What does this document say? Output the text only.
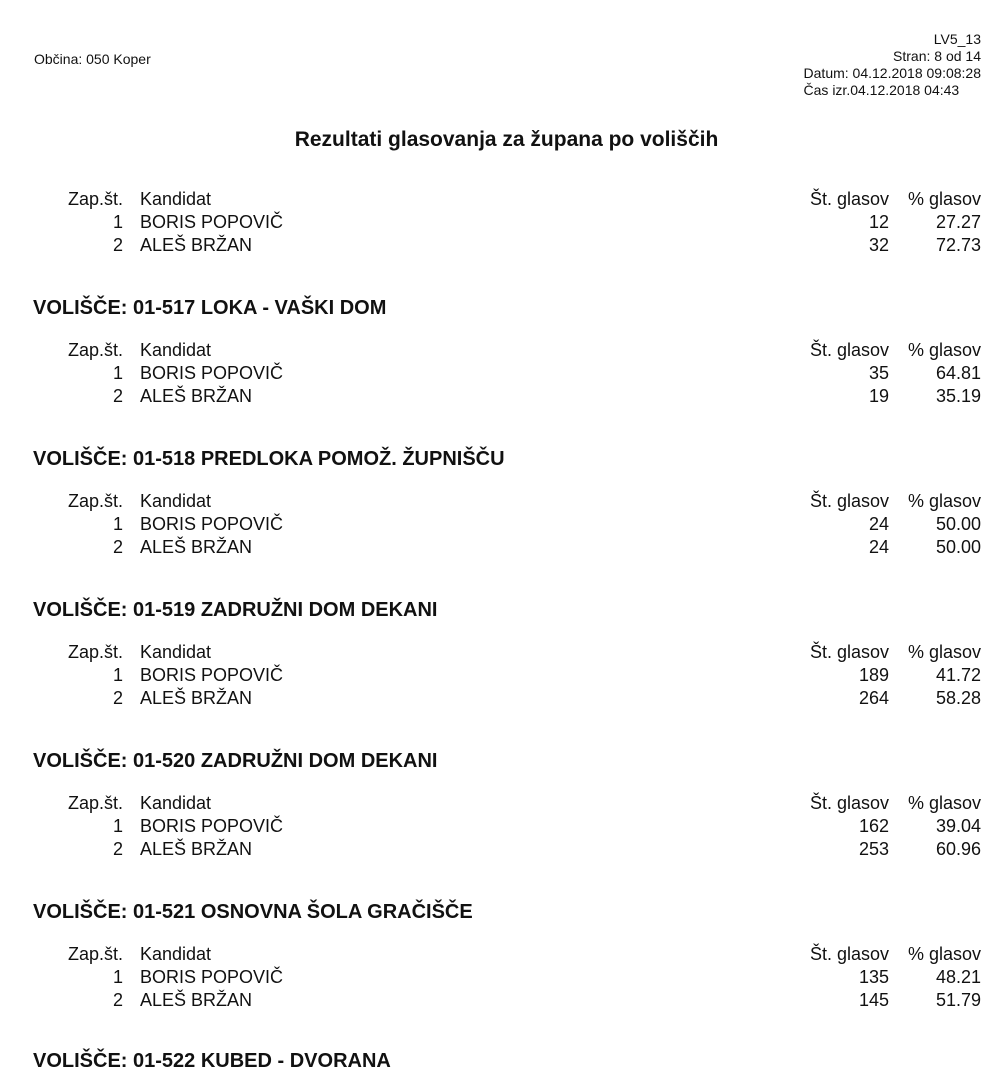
Občina: 050 Koper
LV5_13
Stran: 8 od 14
Datum: 04.12.2018 09:08:28
Čas izr.04.12.2018 04:43
Rezultati glasovanja za župana po voliščih
Zap.št. Kandidat	Št. glasov % glasov
1 BORIS POPOVIČ	12	27.27
2 ALEŠ BRŽAN	32	72.73
VOLIŠČE: 01-517 LOKA - VAŠKI DOM
Zap.št. Kandidat	Št. glasov % glasov
1 BORIS POPOVIČ	35	64.81
2 ALEŠ BRŽAN	19	35.19
VOLIŠČE: 01-518 PREDLOKA POMOŽ. ŽUPNIŠČU
Zap.št. Kandidat	Št. glasov % glasov
1 BORIS POPOVIČ	24	50.00
2 ALEŠ BRŽAN	24	50.00
VOLIŠČE: 01-519 ZADRUŽNI DOM DEKANI
Zap.št. Kandidat	Št. glasov % glasov
1 BORIS POPOVIČ	189	41.72
2 ALEŠ BRŽAN	264	58.28
VOLIŠČE: 01-520 ZADRUŽNI DOM DEKANI
Zap.št. Kandidat	Št. glasov % glasov
1 BORIS POPOVIČ	162	39.04
2 ALEŠ BRŽAN	253	60.96
VOLIŠČE: 01-521 OSNOVNA ŠOLA GRAČIŠČE
Zap.št. Kandidat	Št. glasov % glasov
1 BORIS POPOVIČ	135	48.21
2 ALEŠ BRŽAN	145	51.79
VOLIŠČE: 01-522 KUBED - DVORANA
